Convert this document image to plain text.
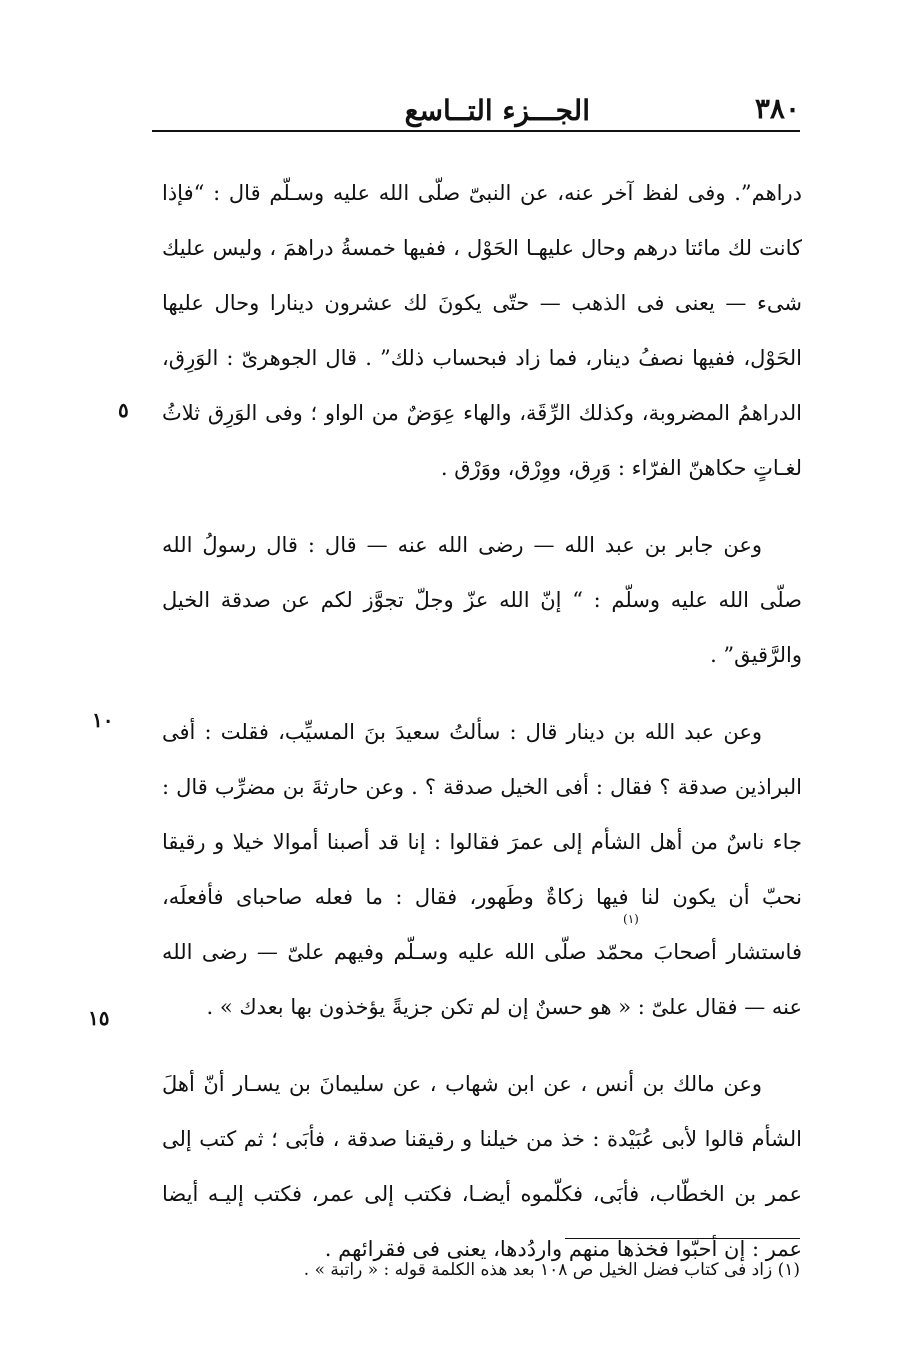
٣٨٠
الجـــزء التــاسع
٥
١٠
١٥

دراهم”. وفى لفظ آخر عنه، عن النبىّ صلّى الله عليه وسـلّم قال : “فإذا كانت لك مائتا درهم وحال عليهـا الحَوْل ، ففيها خمسةُ دراهمَ ، وليس عليك شىء — يعنى فى الذهب — حتّى يكونَ لك عشرون دينارا وحال عليها الحَوْل، ففيها نصفُ دينار، فما زاد فبحساب ذلك” . قال الجوهرىّ : الوَرِق، الدراهمُ المضروبة، وكذلك الرِّقَة، والهاء عِوَضٌ من الواو ؛ وفى الوَرِق ثلاثُ لغـاتٍ حكاهنّ الفرّاء : وَرِق، ووِرْق، ووَرْق .

وعن جابر بن عبد الله — رضى الله عنه — قال : قال رسولُ الله صلّى الله عليه وسلّم : “ إنّ الله عزّ وجلّ تجوَّز لكم عن صدقة الخيل والرَّقيق” .

وعن عبد الله بن دينار قال : سألتُ سعيدَ بنَ المسيِّب، فقلت : أفى البراذين صدقة ؟ فقال : أفى الخيل صدقة ؟ . وعن حارثةَ بن مضرِّب قال : جاء ناسٌ من أهل الشأم إلى عمرَ فقالوا : إنا قد أصبنا أموالا خيلا و رقيقا نحبّ أن يكون لنا فيها زكاةٌ وطَهور، فقال : ما فعله صاحباى فأفعلَه، فاستشار أصحابَ محمّد صلّى الله عليه وسـلّم وفيهم علىّ — رضى الله عنه — فقال علىّ : « هو حسنٌ إن لم تكن جزيةً يؤخذون بها بعدك » .

وعن مالك بن أنس ، عن ابن شهاب ، عن سليمانَ بن يسـار أنّ أهلَ الشأم قالوا لأبى عُبَيْدة : خذ من خيلنا و رقيقنا صدقة ، فأبَى ؛ ثم كتب إلى عمر بن الخطّاب، فأبَى، فكلّموه أيضـا، فكتب إلى عمر، فكتب إليـه أيضا عمر : إن أحبّوا فخذها منهم واردُدها، يعنى فى فقرائهم .

(١)
(١) زاد فى كتاب فضل الخيل ص ١٠٨ بعد هذه الكلمة قوله : « راتبة » .
